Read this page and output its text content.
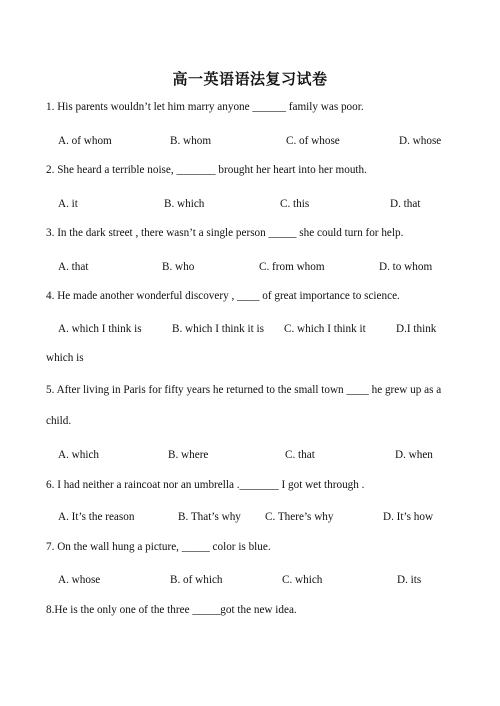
高一英语语法复习试卷
1. His parents wouldn’t let him marry anyone ______ family was poor.
A. of whom	B. whom	C. of whose	D. whose
2. She heard a terrible noise, _______ brought her heart into her mouth.
A. it	B. which	C. this	D. that
3. In the dark street , there wasn’t a single person _____ she could turn for help.
A. that	B. who	C. from whom	D. to whom
4. He made another wonderful discovery , ____ of great importance to science.
A. which I think is	B. which I think it is C. which I think it	D.I think
which is
5. After living in Paris for fifty years he returned to the small town ____ he grew up as a child.
A. which	B. where	C. that	D. when
6. I had neither a raincoat nor an umbrella ._______ I got wet through .
A. It’s the reason	B. That’s why C. There’s why	D. It’s how
7. On the wall hung a picture, _____ color is blue.
A. whose	B. of which	C. which	D. its
8.He is the only one of the three _____got the new idea.
